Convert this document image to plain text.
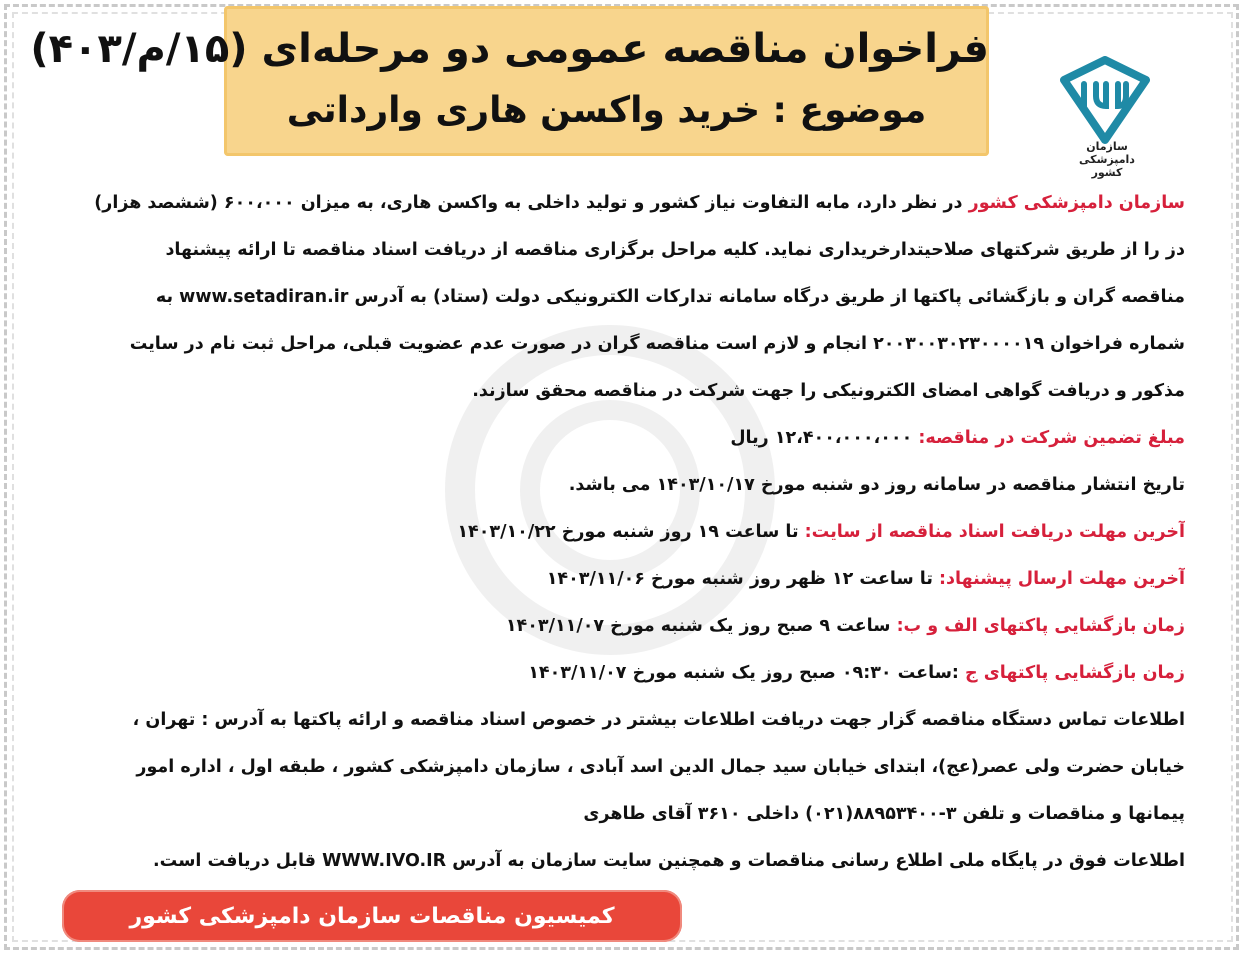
فراخوان مناقصه عمومی دو مرحله‌ای (۱۵/م/۴۰۳)
موضوع : خرید واکسن هاری وارداتی
سازمان دامپزشکی کشور
سازمان دامپزشکی کشور در نظر دارد، مابه التفاوت نیاز کشور و تولید داخلی به واکسن هاری، به میزان ۶۰۰،۰۰۰ (ششصد هزار)
دز را از طریق شرکتهای صلاحیتدارخریداری نماید. کلیه مراحل برگزاری مناقصه از دریافت اسناد مناقصه تا ارائه پیشنهاد
مناقصه گران و بازگشائی پاکتها از طریق درگاه سامانه تدارکات الکترونیکی دولت (ستاد) به آدرس www.setadiran.ir به
شماره فراخوان ۲۰۰۳۰۰۳۰۲۳۰۰۰۰۱۹ انجام و لازم است مناقصه گران در صورت عدم عضویت قبلی، مراحل ثبت نام در سایت
مذکور و دریافت گواهی امضای الکترونیکی را جهت شرکت در مناقصه محقق سازند.
مبلغ تضمین شرکت در مناقصه: ۱۲،۴۰۰،۰۰۰،۰۰۰ ریال
تاریخ انتشار مناقصه در سامانه روز دو شنبه مورخ ۱۴۰۳/۱۰/۱۷ می باشد.
آخرین مهلت دریافت اسناد مناقصه از سایت: تا ساعت ۱۹ روز شنبه مورخ ۱۴۰۳/۱۰/۲۲
آخرین مهلت ارسال پیشنهاد: تا ساعت ۱۲ ظهر روز شنبه مورخ ۱۴۰۳/۱۱/۰۶
زمان بازگشایی پاکتهای الف و ب: ساعت ۹ صبح روز یک شنبه مورخ ۱۴۰۳/۱۱/۰۷
زمان بازگشایی پاکتهای ج :ساعت ۰۹:۳۰ صبح روز یک شنبه مورخ ۱۴۰۳/۱۱/۰۷
اطلاعات تماس دستگاه مناقصه گزار جهت دریافت اطلاعات بیشتر در خصوص اسناد مناقصه و ارائه پاکتها به آدرس : تهران ،
خیابان حضرت ولی عصر(عج)، ابتدای خیابان سید جمال الدین اسد آبادی ، سازمان دامپزشکی کشور ، طبقه اول ، اداره امور
پیمانها و مناقصات و تلفن ۳-۸۸۹۵۳۴۰۰(۰۲۱) داخلی ۳۶۱۰ آقای طاهری
اطلاعات فوق در پایگاه ملی اطلاع رسانی مناقصات و همچنین سایت سازمان به آدرس WWW.IVO.IR قابل دریافت است.
کمیسیون مناقصات سازمان دامپزشکی کشور
